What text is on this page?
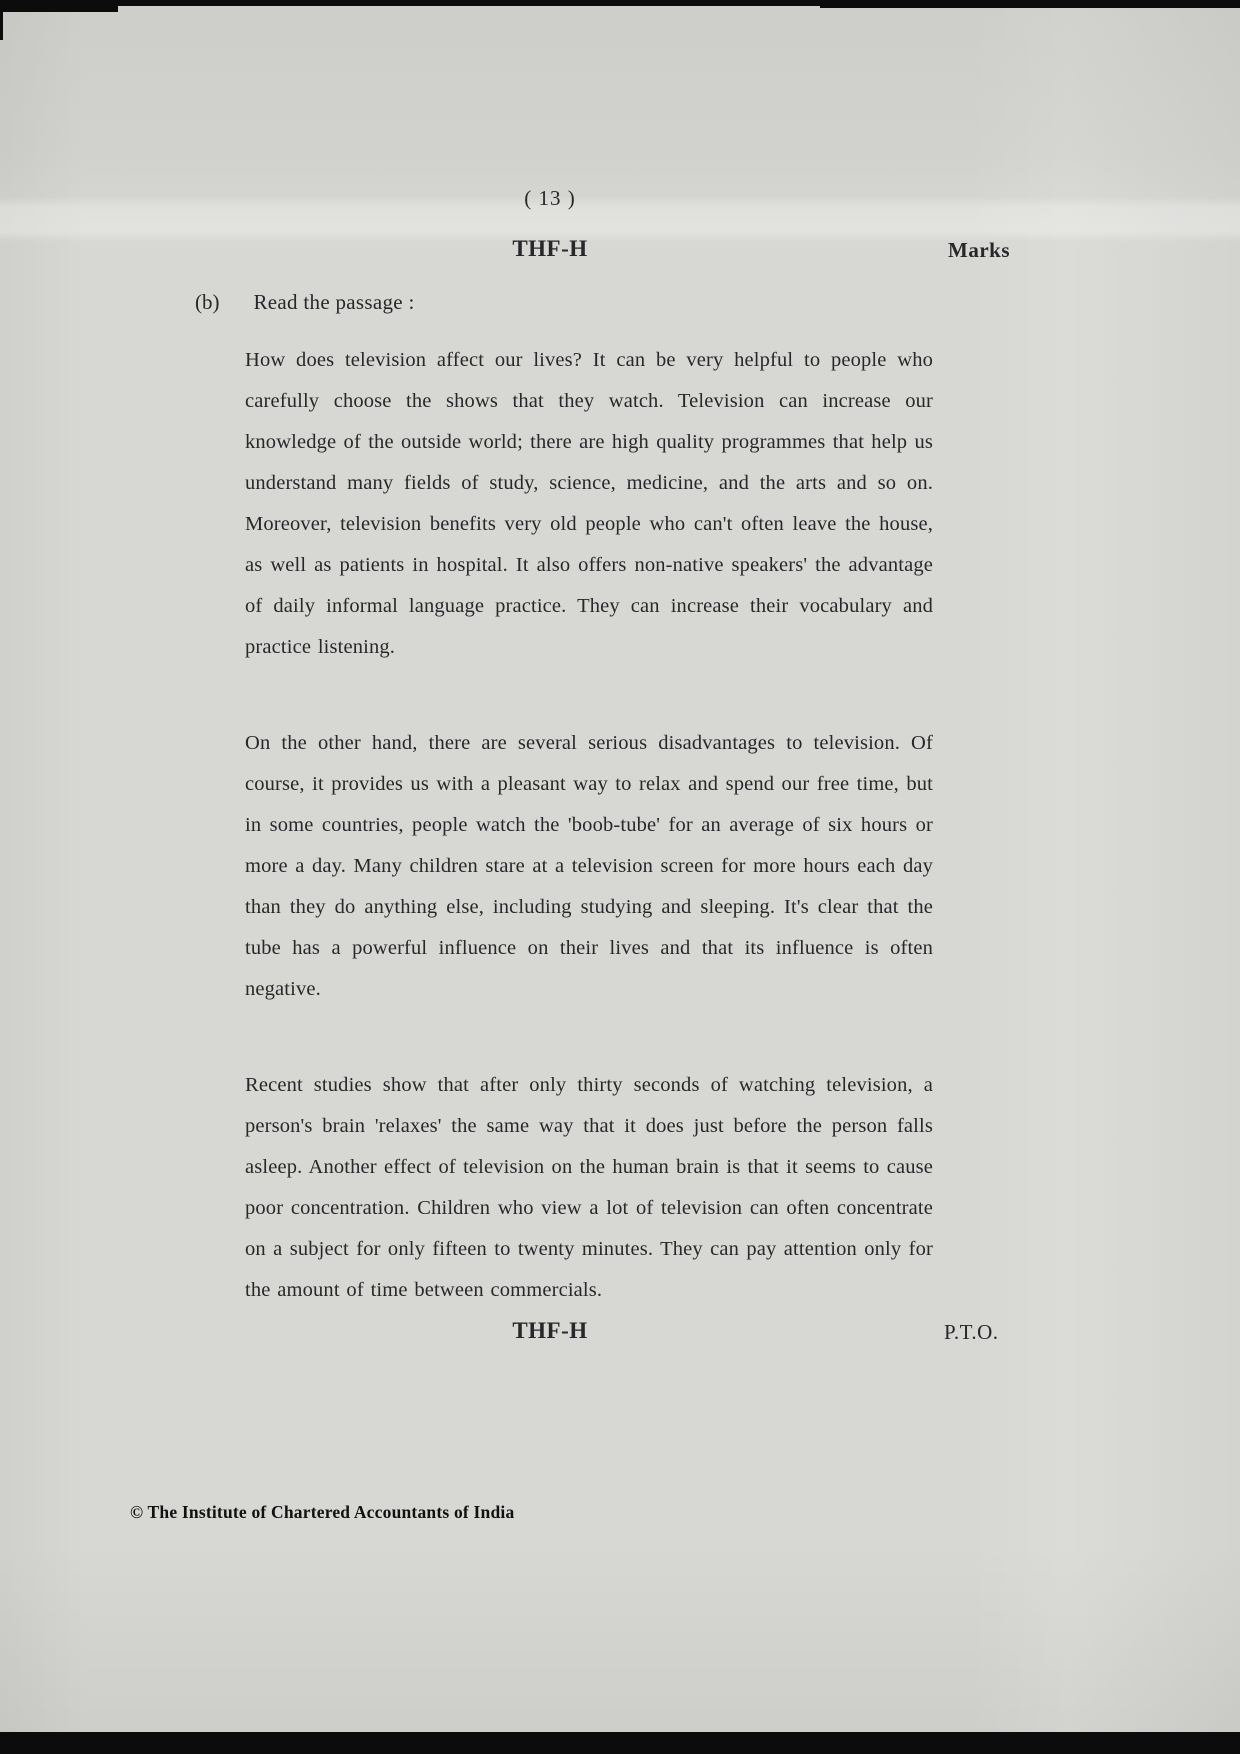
( 13 )
THF-H	Marks
(b) Read the passage :

How does television affect our lives? It can be very helpful to people who carefully choose the shows that they watch. Television can increase our knowledge of the outside world; there are high quality programmes that help us understand many fields of study, science, medicine, and the arts and so on. Moreover, television benefits very old people who can't often leave the house, as well as patients in hospital. It also offers non-native speakers' the advantage of daily informal language practice. They can increase their vocabulary and practice listening.

On the other hand, there are several serious disadvantages to television. Of course, it provides us with a pleasant way to relax and spend our free time, but in some countries, people watch the 'boob-tube' for an average of six hours or more a day. Many children stare at a television screen for more hours each day than they do anything else, including studying and sleeping. It's clear that the tube has a powerful influence on their lives and that its influence is often negative.

Recent studies show that after only thirty seconds of watching television, a person's brain 'relaxes' the same way that it does just before the person falls asleep. Another effect of television on the human brain is that it seems to cause poor concentration. Children who view a lot of television can often concentrate on a subject for only fifteen to twenty minutes. They can pay attention only for the amount of time between commercials.

THF-H	P.T.O.
© The Institute of Chartered Accountants of India
